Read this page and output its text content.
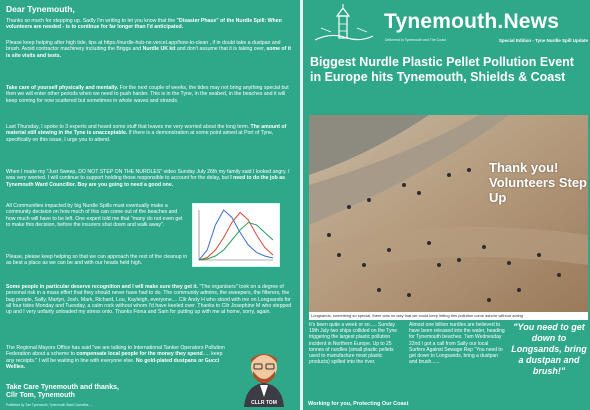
Dear Tynemouth,

Thanks so much for stepping up. Sadly I'm writing to let you know that the "Disaster Phase" of the Nurdle Spill: When volunteers are needed - is to continue for far longer than I'd anticipated.

Please keep helping after high tide, tips at https://nurdle-hub-ne.vercel.app/how-to-clean , if in doubt take a dustpan and brush. Avoid contractor machinery including the Briggs and Nurdle UK kit and don't assume that it is taking over, some of it is site visits and tests.

Take care of yourself physically and mentally. For the next couple of weeks, the tides may not bring anything special but then we will enter other periods when we need to push harder. This is in the Tyne, in the seabed, in the beaches and it will keep coming for now scattered but sometimes in whole waves and strands.

Last Thursday, I spoke to 3 experts and heard some stuff that leaves me very worried about the long term. The amount of material still stewing in the Tyne is unacceptable. If there is a demonstration at some point aimed at Port of Tyne, specifically on this issue, I urge you to attend.

When I made my "Just Sweep, DO NOT STEP ON THE NURDLES" video Sunday July 26th my family said I looked angry. I was very worried. I will continue to support holding those responsible to account for the delay, but I need to do the job as Tynemouth Ward Councillor. Boy are you going to need a good one.

All Communities impacted by big Nurdle Spills must eventually make a community decision on how much of this can come out of the beaches and how much will have to be left. One expert told me that "many do not even get to make this decision, before the insurers shut down and walk away".

Please, please keep helping so that we can approach the rest of the cleanup in as best a place as we can be and with our heads held high.

Some people in particular deserve recognition and I will make sure they get it. "The organisers" took on a degree of personal risk in a mass effort that they should never have had to do. The community admins, the sweepers, the filterers, the bag people, Sally, Martyn, Josh, Mark, Richard, Lou, Kayleigh, everyone.... Cllr Andy H who stood with me on Longsands for all four tides Monday and Tuesday, a calm rock without whom I'd have keeled over. Thanks to Cllr Josephine M who stepped up and I very unfairly unloaded my stress onto. Thanks Fiona and Sam for putting up with me at home, sorry, again.

The Regional Mayors Office has said "we are talking to International Tanker Operators Pollution Federation about a scheme to compensate local people for the money they spend..... keep any receipts." I will be waiting in line with everyone else. No gold-plated dustpans or Gucci Wellies.

Take Care Tynemouth and thanks,
Cllr Tom, Tynemouth
Published by Tom Tynemouth, Tynemouth Ward Councillor, ...	CLLR TOM
Tynemouth.News
Delivered to Tynemouth and The Coast	Special Edition - Tyne Nurdle Spill Update
Biggest Nurdle Plastic Pellet Pollution Event in Europe hits Tynemouth, Shields & Coast
Thank you! Volunteers Step Up
Longsands, something so special, there was no way that we could keep letting this pollution come ashore without acting

It's been quite a week or so..... Sunday 19th July two ships collided on the Tyne triggering the largest plastic pollution incident in Northern Europe. Up to 25 tonnes of nurdles (small plastic pellets used to manufacture most plastic products) spilled into the river.

Almost one billion nurdles are believed to have been released into the water, heading for Tynemouth beaches. 7am Wednesday 22nd I got a call from Sally our local Surfers Against Sewage Rep "You need to get down to Longsands, bring a dustpan and brush......

"You need to get down to Longsands, bring a dustpan and brush!"
Working for you, Protecting Our Coast
